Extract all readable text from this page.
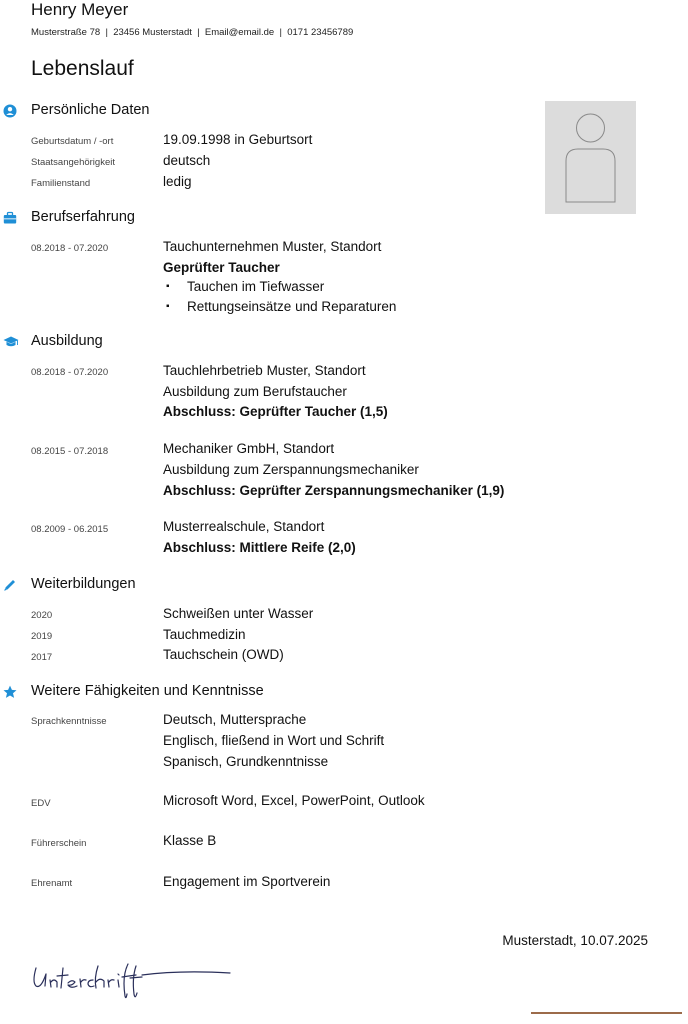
Henry Meyer
Musterstraße 78  |  23456 Musterstadt  |  Email@email.de  |  0171 23456789
Lebenslauf
Persönliche Daten
Geburtsdatum / -ort	19.09.1998 in Geburtsort
Staatsangehörigkeit	deutsch
Familienstand	ledig
Berufserfahrung
08.2018 - 07.2020	Tauchunternehmen Muster, Standort
Geprüfter Taucher
▪ Tauchen im Tiefwasser
▪ Rettungseinsätze und Reparaturen
Ausbildung
08.2018 - 07.2020	Tauchlehrbetrieb Muster, Standort
Ausbildung zum Berufstaucher
Abschluss: Geprüfter Taucher (1,5)
08.2015 - 07.2018	Mechaniker GmbH, Standort
Ausbildung zum Zerspannungsmechaniker
Abschluss: Geprüfter Zerspannungsmechaniker (1,9)
08.2009 - 06.2015	Musterrealschule, Standort
Abschluss: Mittlere Reife (2,0)
Weiterbildungen
2020	Schweißen unter Wasser
2019	Tauchmedizin
2017	Tauchschein (OWD)
Weitere Fähigkeiten und Kenntnisse
Sprachkenntnisse	Deutsch, Muttersprache
Englisch, fließend in Wort und Schrift
Spanisch, Grundkenntnisse
EDV	Microsoft Word, Excel, PowerPoint, Outlook
Führerschein	Klasse B
Ehrenamt	Engagement im Sportverein
Musterstadt, 10.07.2025
